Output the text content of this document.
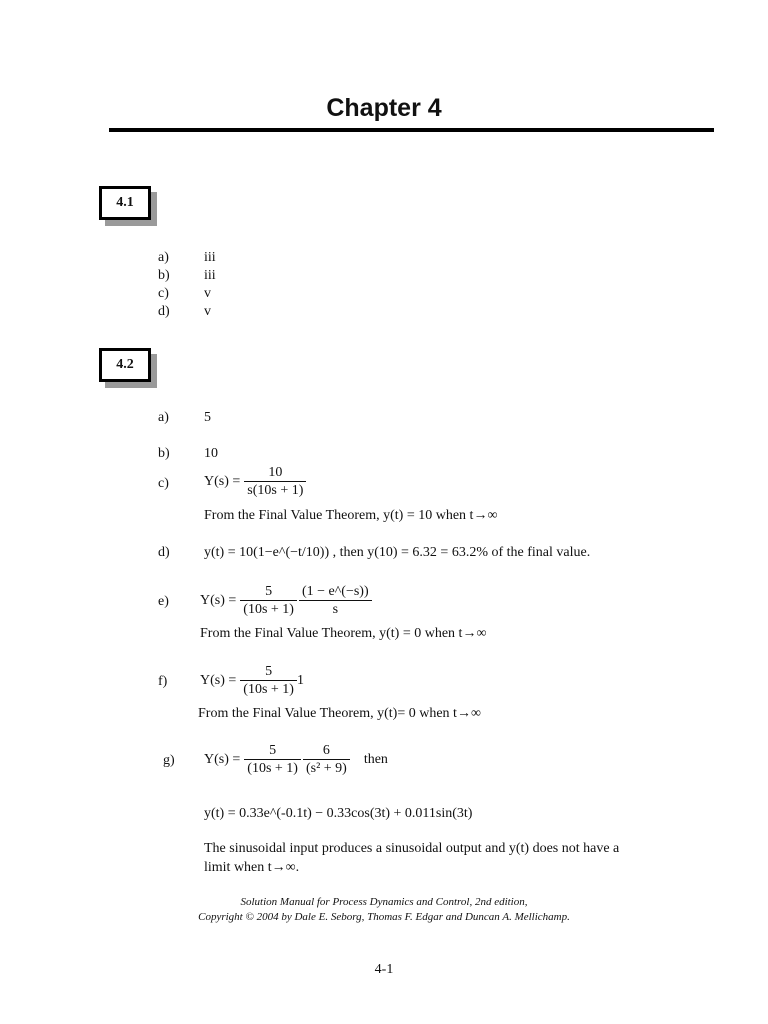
Chapter 4
4.1
a)	iii
b) iii
c)	v
d) v
4.2
a)	5
b) 10
c)	$Y(s) = \frac{10}{s(10s + 1)}$
From the Final Value Theorem, y(t) = 10 when t→∞
d) y(t) = 10(1−e^(−t/10)) , then y(10) = 6.32 = 63.2% of the final value.
e) $Y(s) = \frac{5}{(10s + 1)} \frac{(1 - e\^{}(-s))}{s}$
From the Final Value Theorem, y(t) = 0 when t→∞
f) $Y(s) = \frac{5}{(10s + 1)} 1$
From the Final Value Theorem, y(t)= 0 when t→∞
g) $Y(s) = \frac{5}{(10s + 1)} \frac{6}{\text{(s² + 9)}}$ then
y(t) = 0.33e^(-0.1t) − 0.33cos(3t) + 0.011sin(3t)
The sinusoidal input produces a sinusoidal output and y(t) does not have a
limit when t→∞.
Solution Manual for Process Dynamics and Control, 2nd edition,
Copyright © 2004 by Dale E. Seborg, Thomas F. Edgar and Duncan A. Mellichamp.
4-1
